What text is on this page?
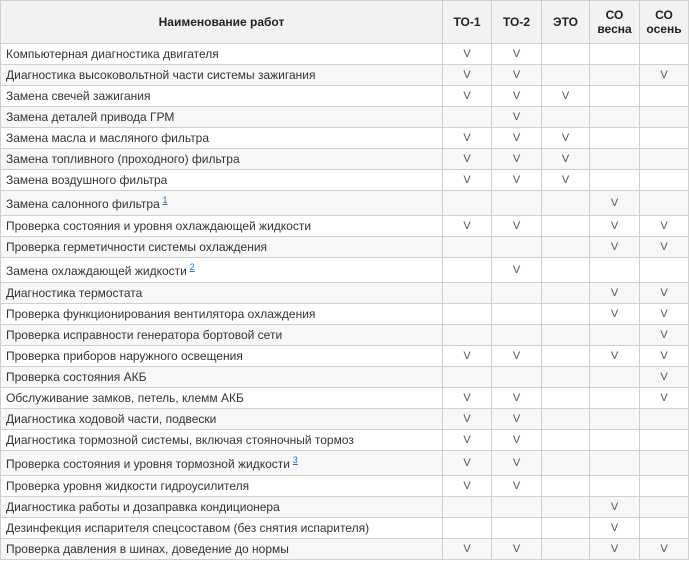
Наименование работ	ТО-1	ТО-2	ЭТО	СО весна	СО осень
Компьютерная диагностика двигателя	V	V			
Диагностика высоковольтной части системы зажигания	V	V			V
Замена свечей зажигания	V	V	V		
Замена деталей привода ГРМ		V			
Замена масла и масляного фильтра	V	V	V		
Замена топливного (проходного) фильтра	V	V	V		
Замена воздушного фильтра	V	V	V		
Замена салонного фильтра $^1$				V	
Проверка состояния и уровня охлаждающей жидкости	V	V		V	V
Проверка герметичности системы охлаждения				V	V
Замена охлаждающей жидкости $^2$		V			
Диагностика термостата				V	V
Проверка функционирования вентилятора охлаждения				V	V
Проверка исправности генератора бортовой сети					V
Проверка приборов наружного освещения	V	V		V	V
Проверка состояния АКБ					V
Обслуживание замков, петель, клемм АКБ	V	V			V
Диагностика ходовой части, подвески	V	V			
Диагностика тормозной системы, включая стояночный тормоз	V	V			
Проверка состояния и уровня тормозной жидкости $^3$	V	V			
Проверка уровня жидкости гидроусилителя	V	V			
Диагностика работы и дозаправка кондиционера				V	
Дезинфекция испарителя спецсоставом (без снятия испарителя)				V	
Проверка давления в шинах, доведение до нормы	V	V		V	V
